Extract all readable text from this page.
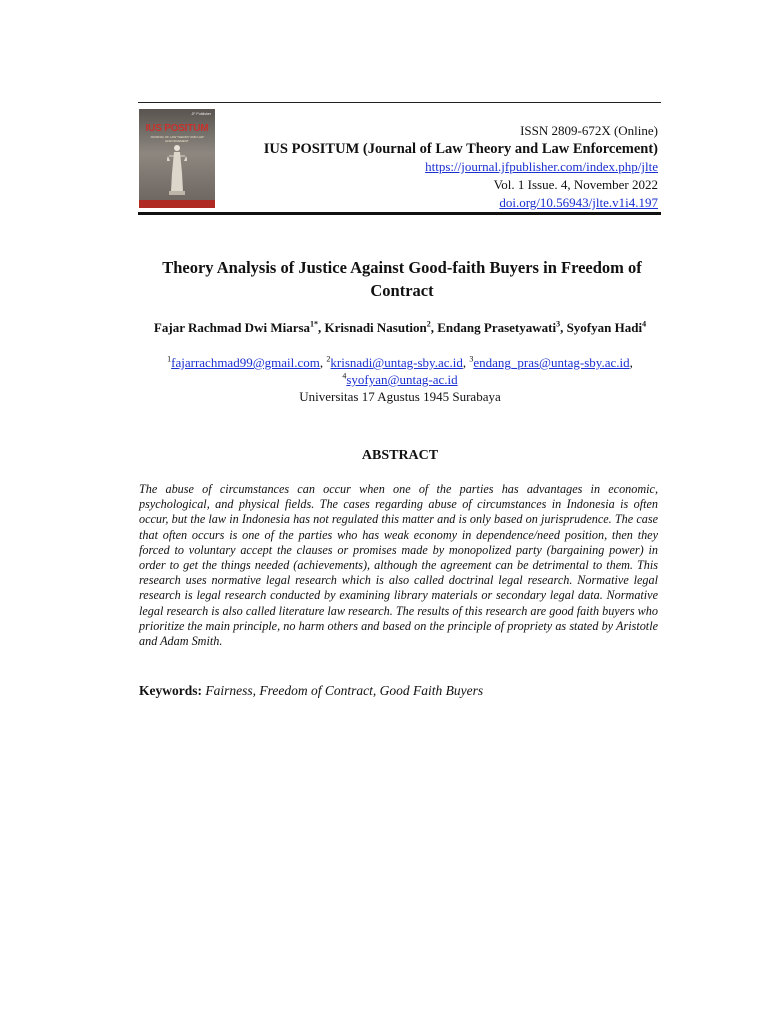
JF Publisher
IUS POSITUM
JOURNAL OF LAW THEORY AND LAW ENFORCEMENT
ISSN 2809-672X (Online)
IUS POSITUM (Journal of Law Theory and Law Enforcement)
https://journal.jfpublisher.com/index.php/jlte
Vol. 1 Issue. 4, November 2022
doi.org/10.56943/jlte.v1i4.197
Theory Analysis of Justice Against Good-faith Buyers in Freedom of Contract
Fajar Rachmad Dwi Miarsa$^{1*}$, Krisnadi Nasution$^2$, Endang Prasetyawati$^3$, Syofyan Hadi$^4$
$^1$fajarrachmad99@gmail.com, $^2$krisnadi@untag-sby.ac.id, $^3$endang_pras@untag-sby.ac.id,
$^4$syofyan@untag-ac.id
Universitas 17 Agustus 1945 Surabaya
ABSTRACT

The abuse of circumstances can occur when one of the parties has advantages in economic, psychological, and physical fields. The cases regarding abuse of circumstances in Indonesia is often occur, but the law in Indonesia has not regulated this matter and is only based on jurisprudence. The case that often occurs is one of the parties who has weak economy in dependence/need position, then they forced to voluntary accept the clauses or promises made by monopolized party (bargaining power) in order to get the things needed (achievements), although the agreement can be detrimental to them. This research uses normative legal research which is also called doctrinal legal research. Normative legal research is legal research conducted by examining library materials or secondary legal data. Normative legal research is also called literature law research. The results of this research are good faith buyers who prioritize the main principle, no harm others and based on the principle of propriety as stated by Aristotle and Adam Smith.

Keywords: Fairness, Freedom of Contract, Good Faith Buyers
